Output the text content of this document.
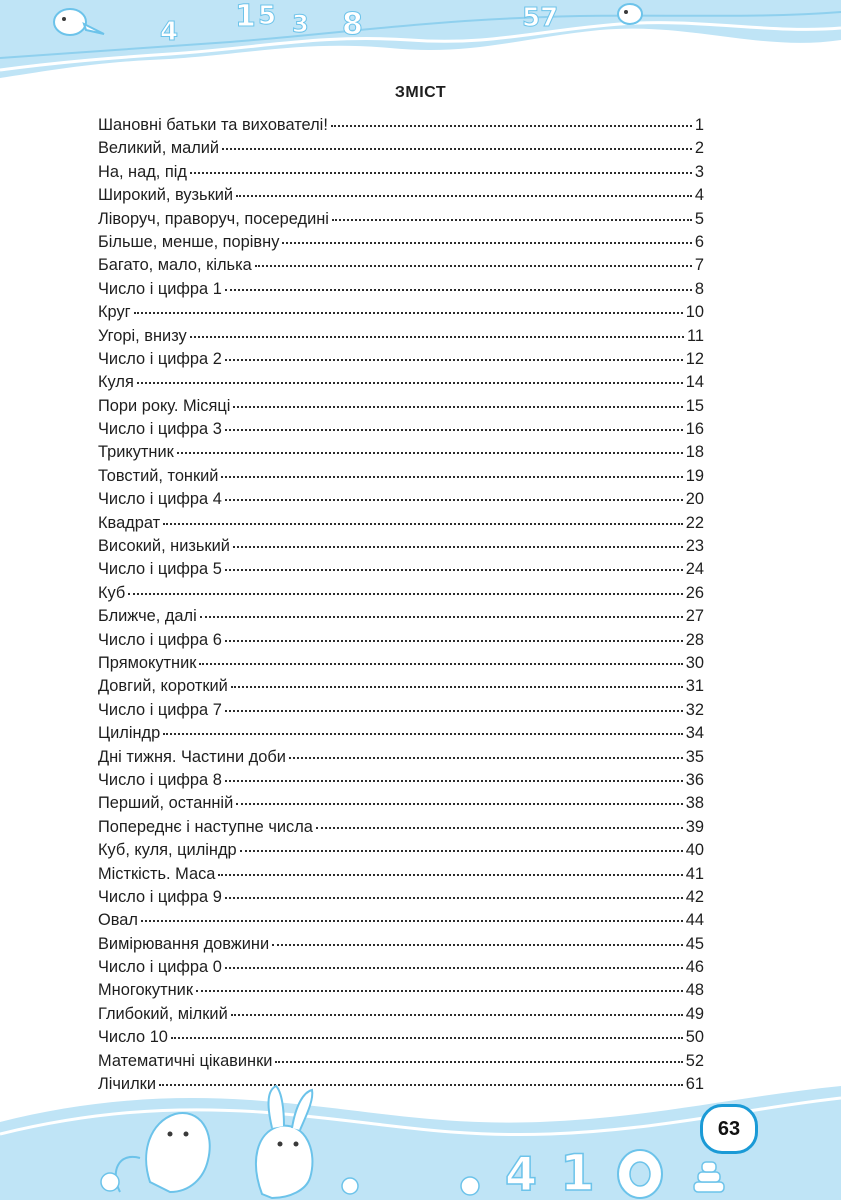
4 1 5 3 8	57
ЗМІСТ
Шановні батьки та вихователі!	1
Великий, малий	2
На, над, під	3
Широкий, вузький	4
Ліворуч, праворуч, посередині	5
Більше, менше, порівну	6
Багато, мало, кілька	7
Число і цифра 1	8
Круг	10
Угорі, внизу	11
Число і цифра 2	12
Куля	14
Пори року. Місяці	15
Число і цифра 3	16
Трикутник	18
Товстий, тонкий	19
Число і цифра 4	20
Квадрат	22
Високий, низький	23
Число і цифра 5	24
Куб	26
Ближче, далі	27
Число і цифра 6	28
Прямокутник	30
Довгий, короткий	31
Число і цифра 7	32
Циліндр	34
Дні тижня. Частини доби	35
Число і цифра 8	36
Перший, останній	38
Попереднє і наступне числа	39
Куб, куля, циліндр	40
Місткість. Маса	41
Число і цифра 9	42
Овал	44
Вимірювання довжини	45
Число і цифра 0	46
Многокутник	48
Глибокий, мілкий	49
Число 10	50
Математичні цікавинки	52
Лічилки	61
4 1
63
